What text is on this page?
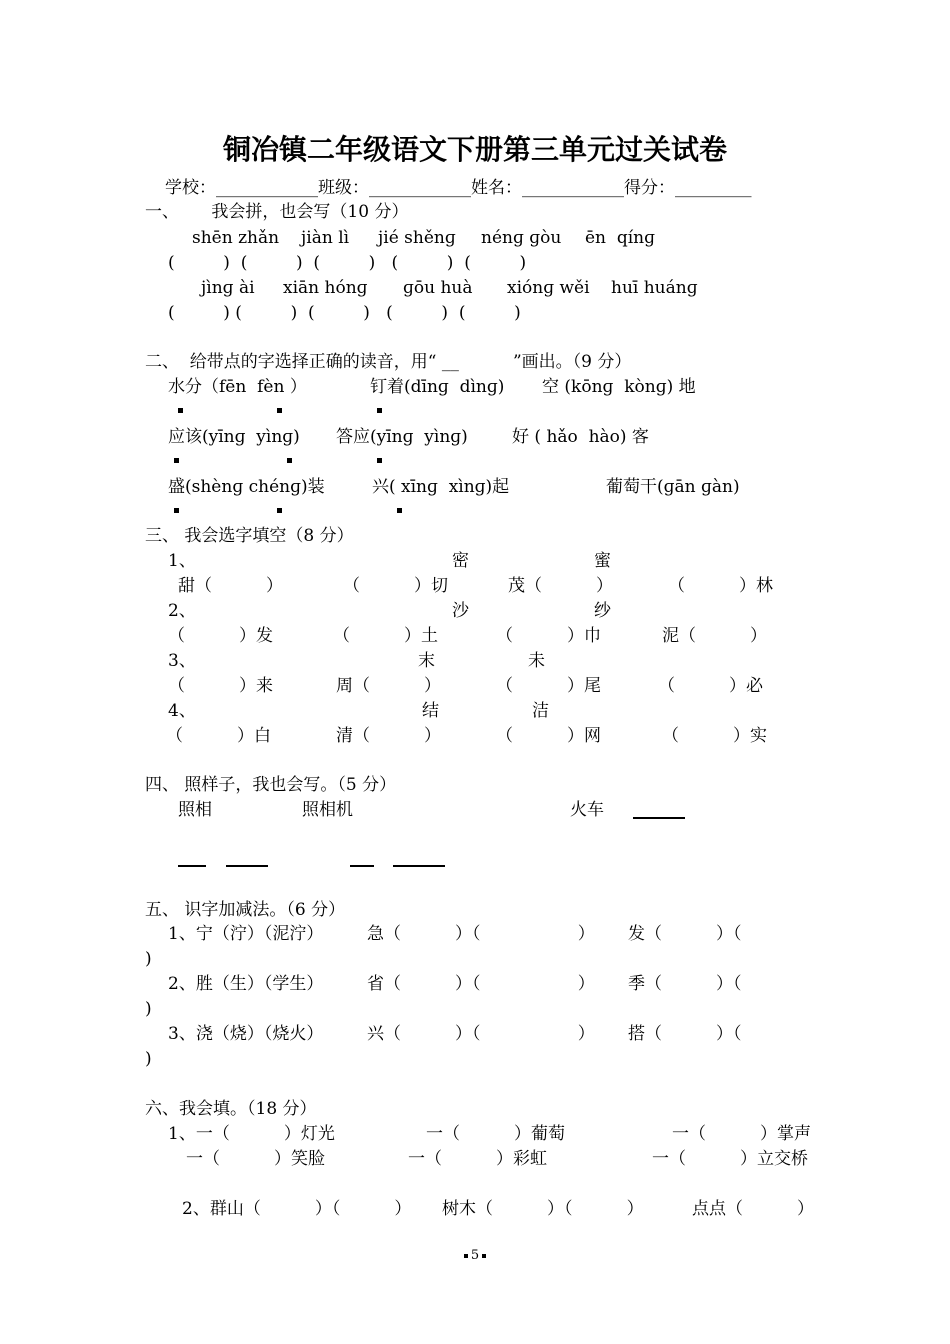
铜冶镇二年级语文下册第三单元过关试卷
学校：____________班级：____________姓名：____________得分：_________
一、      我会拼，也会写（10 分）
shēn zhǎn jiàn lì jié shěnɡ nénɡ ɡòu ēn  qínɡ
(         )  (         )  (         )   (         )  (         )
jìnɡ ài xiān hónɡ ɡōu huà xiónɡ wěi huī huánɡ
(         ) (         )  (         )   (         )  (         )
二、  给带点的字选择正确的读音，用“ __          ”画出。（9 分）
水分（fēn  fèn ）	钉着(dīnɡ  dìnɡ) 空 (kōnɡ  kònɡ) 地
应该(yīnɡ  yìnɡ) 答应(yīnɡ  yìnɡ)	好 ( hǎo  hào) 客
盛(shènɡ chénɡ)装	兴( xīnɡ  xìnɡ)起	葡萄干(ɡān ɡàn)
三、 我会选字填空（8 分）
1、	密	蜜
甜（          ）	（          ）切	茂（          ）	（          ）林
2、	沙	纱
（          ）发	（          ）土	（          ）巾	泥（          ）
3、	末	未
（          ）来	周（          ）	（          ）尾	（          ）必
4、	结	洁
（          ）白	清（          ）	（          ）网	（          ）实
四、 照样子，我也会写。（5 分）
照相	照相机	火车
五、 识字加减法。（6 分）
1、宁（泞）（泥泞）	急（          ）（                  ） 发（          ）（
)
2、胜（生）（学生）	省（          ）（                  ） 季（          ）（
)
3、浇（烧）（烧火）	兴（          ）（                  ） 搭（          ）（
)
六、我会填。（18 分）
1、一（          ）灯光	一（          ）葡萄	一（          ）掌声
一（          ）笑脸	一（          ）彩虹	一（          ）立交桥
2、群山（          ）（          ） 树木（          ）（          ）	点点（          ）
5
